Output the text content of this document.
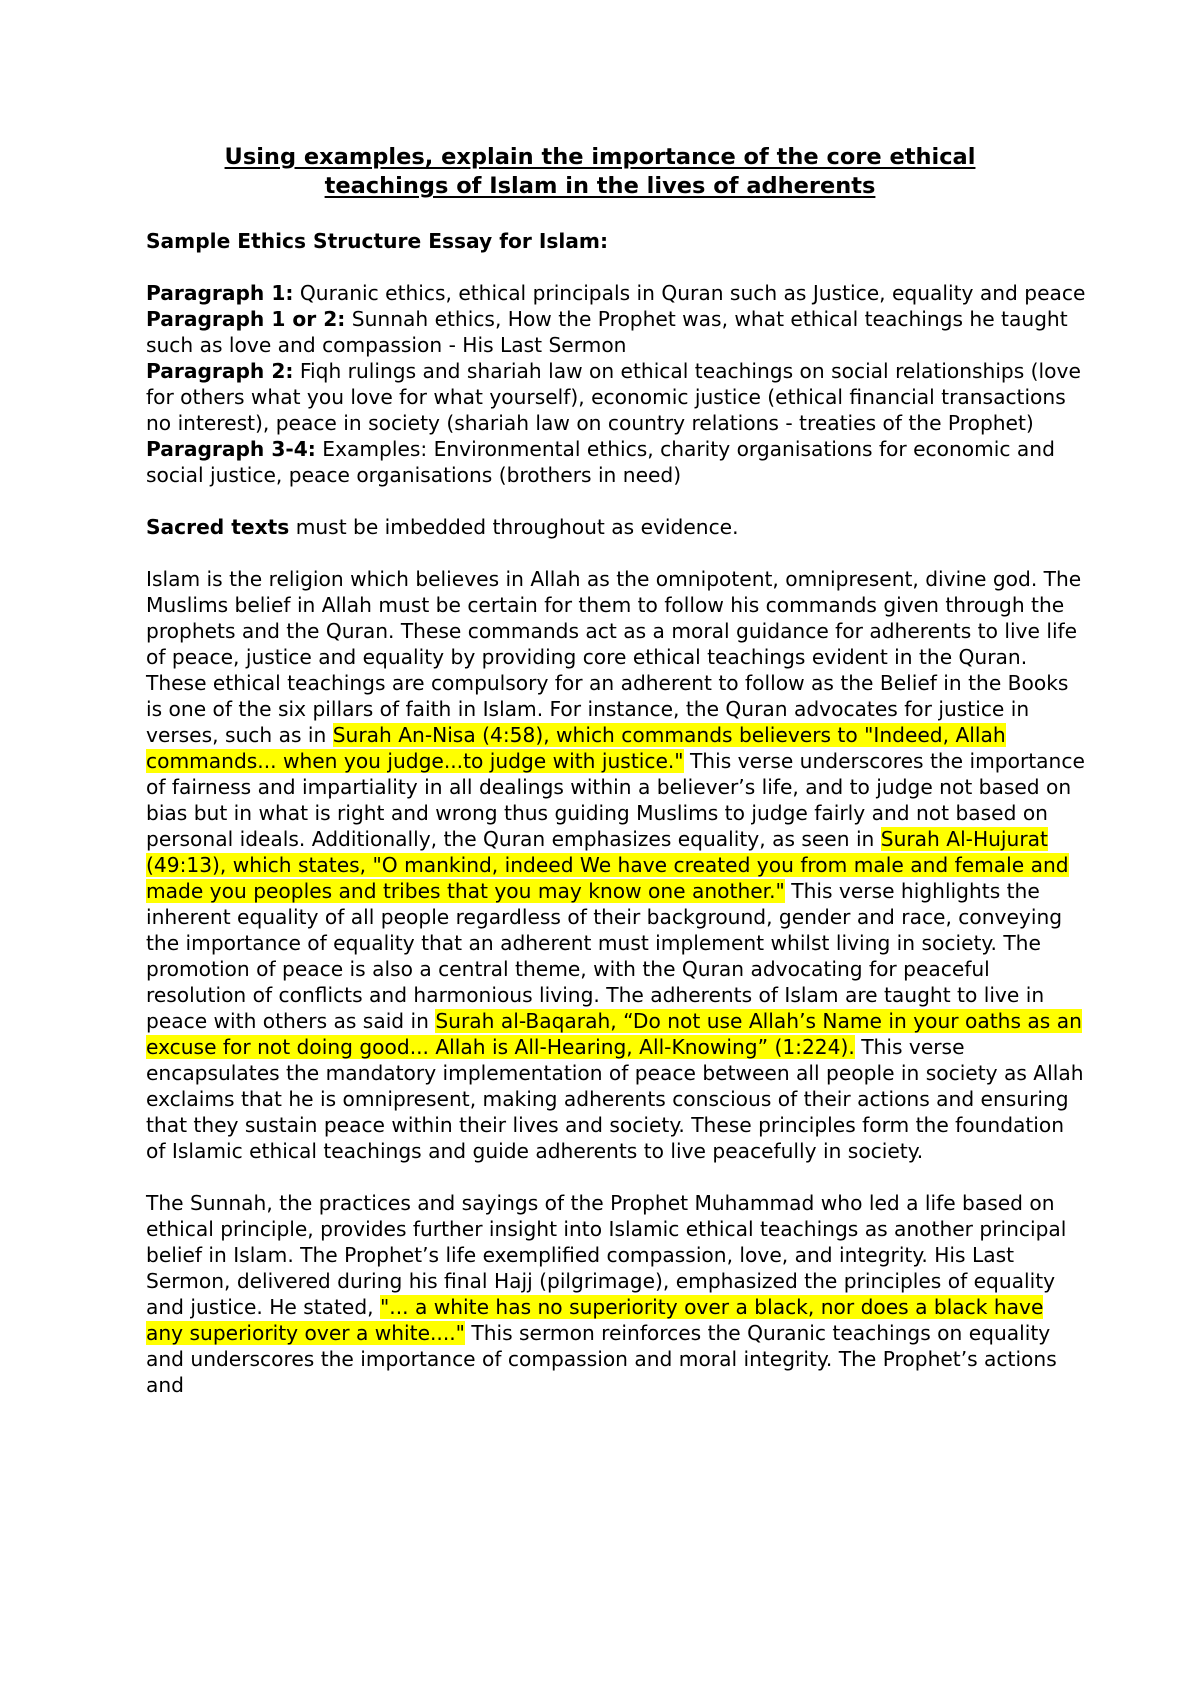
Using examples, explain the importance of the core ethical
teachings of Islam in the lives of adherents

Sample Ethics Structure Essay for Islam:

Paragraph 1: Quranic ethics, ethical principals in Quran such as Justice, equality and peace

Paragraph 1 or 2: Sunnah ethics, How the Prophet was, what ethical teachings he taught such as love and compassion - His Last Sermon

Paragraph 2: Fiqh rulings and shariah law on ethical teachings on social relationships (love for others what you love for what yourself), economic justice (ethical financial transactions no interest), peace in society (shariah law on country relations - treaties of the Prophet)

Paragraph 3-4: Examples: Environmental ethics, charity organisations for economic and social justice, peace organisations (brothers in need)

Sacred texts must be imbedded throughout as evidence.

Islam is the religion which believes in Allah as the omnipotent, omnipresent, divine god. The Muslims belief in Allah must be certain for them to follow his commands given through the prophets and the Quran. These commands act as a moral guidance for adherents to live life of peace, justice and equality by providing core ethical teachings evident in the Quran. These ethical teachings are compulsory for an adherent to follow as the Belief in the Books is one of the six pillars of faith in Islam. For instance, the Quran advocates for justice in verses, such as in Surah An-Nisa (4:58), which commands believers to "Indeed, Allah commands... when you judge...to judge with justice." This verse underscores the importance of fairness and impartiality in all dealings within a believer’s life, and to judge not based on bias but in what is right and wrong thus guiding Muslims to judge fairly and not based on personal ideals. Additionally, the Quran emphasizes equality, as seen in Surah Al-Hujurat (49:13), which states, "O mankind, indeed We have created you from male and female and made you peoples and tribes that you may know one another." This verse highlights the inherent equality of all people regardless of their background, gender and race, conveying the importance of equality that an adherent must implement whilst living in society. The promotion of peace is also a central theme, with the Quran advocating for peaceful resolution of conflicts and harmonious living. The adherents of Islam are taught to live in peace with others as said in Surah al-Baqarah, “Do not use Allah’s Name in your oaths as an excuse for not doing good... Allah is All-Hearing, All-Knowing” (1:224). This verse encapsulates the mandatory implementation of peace between all people in society as Allah exclaims that he is omnipresent, making adherents conscious of their actions and ensuring that they sustain peace within their lives and society. These principles form the foundation of Islamic ethical teachings and guide adherents to live peacefully in society.

The Sunnah, the practices and sayings of the Prophet Muhammad who led a life based on ethical principle, provides further insight into Islamic ethical teachings as another principal belief in Islam. The Prophet’s life exemplified compassion, love, and integrity. His Last Sermon, delivered during his final Hajj (pilgrimage), emphasized the principles of equality and justice. He stated, "... a white has no superiority over a black, nor does a black have any superiority over a white...." This sermon reinforces the Quranic teachings on equality and underscores the importance of compassion and moral integrity. The Prophet’s actions and
